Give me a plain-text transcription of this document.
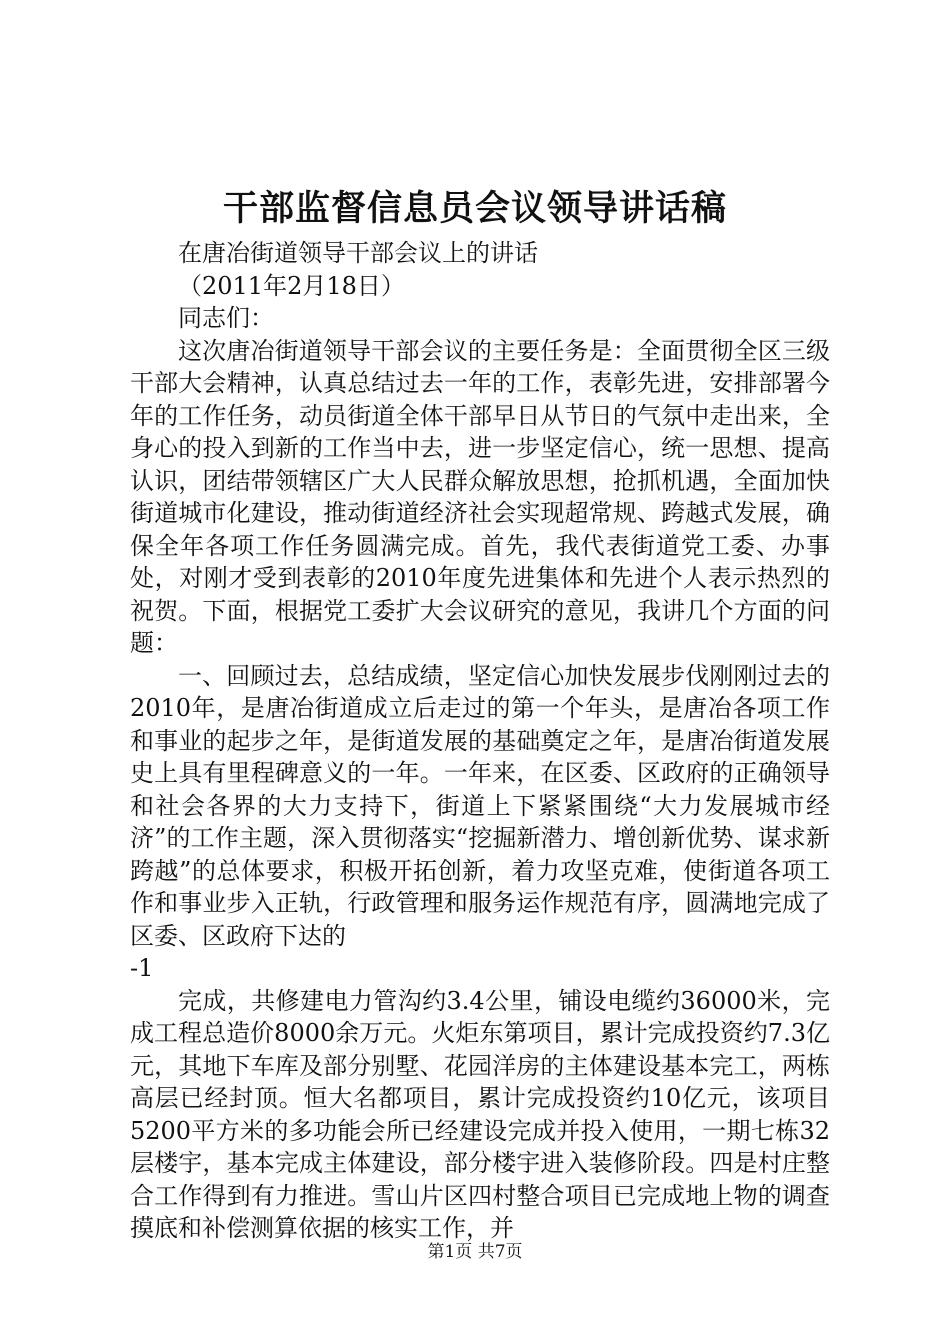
干部监督信息员会议领导讲话稿

在唐冶街道领导干部会议上的讲话

（2011年2月18日）

同志们：

这次唐冶街道领导干部会议的主要任务是：全面贯彻全区三级干部大会精神，认真总结过去一年的工作，表彰先进，安排部署今年的工作任务，动员街道全体干部早日从节日的气氛中走出来，全身心的投入到新的工作当中去，进一步坚定信心，统一思想、提高认识，团结带领辖区广大人民群众解放思想，抢抓机遇，全面加快街道城市化建设，推动街道经济社会实现超常规、跨越式发展，确保全年各项工作任务圆满完成。首先，我代表街道党工委、办事处，对刚才受到表彰的2010年度先进集体和先进个人表示热烈的祝贺。下面，根据党工委扩大会议研究的意见，我讲几个方面的问题：

一、回顾过去，总结成绩，坚定信心加快发展步伐刚刚过去的2010年，是唐冶街道成立后走过的第一个年头，是唐冶各项工作和事业的起步之年，是街道发展的基础奠定之年，是唐冶街道发展史上具有里程碑意义的一年。一年来，在区委、区政府的正确领导和社会各界的大力支持下，街道上下紧紧围绕“大力发展城市经济”的工作主题，深入贯彻落实“挖掘新潜力、增创新优势、谋求新跨越”的总体要求，积极开拓创新，着力攻坚克难，使街道各项工作和事业步入正轨，行政管理和服务运作规范有序，圆满地完成了区委、区政府下达的

-1

完成，共修建电力管沟约3.4公里，铺设电缆约36000米，完成工程总造价8000余万元。火炬东第项目，累计完成投资约7.3亿元，其地下车库及部分别墅、花园洋房的主体建设基本完工，两栋高层已经封顶。恒大名都项目，累计完成投资约10亿元，该项目5200平方米的多功能会所已经建设完成并投入使用，一期七栋32层楼宇，基本完成主体建设，部分楼宇进入装修阶段。四是村庄整合工作得到有力推进。雪山片区四村整合项目已完成地上物的调查摸底和补偿测算依据的核实工作，并

第1页 共7页
